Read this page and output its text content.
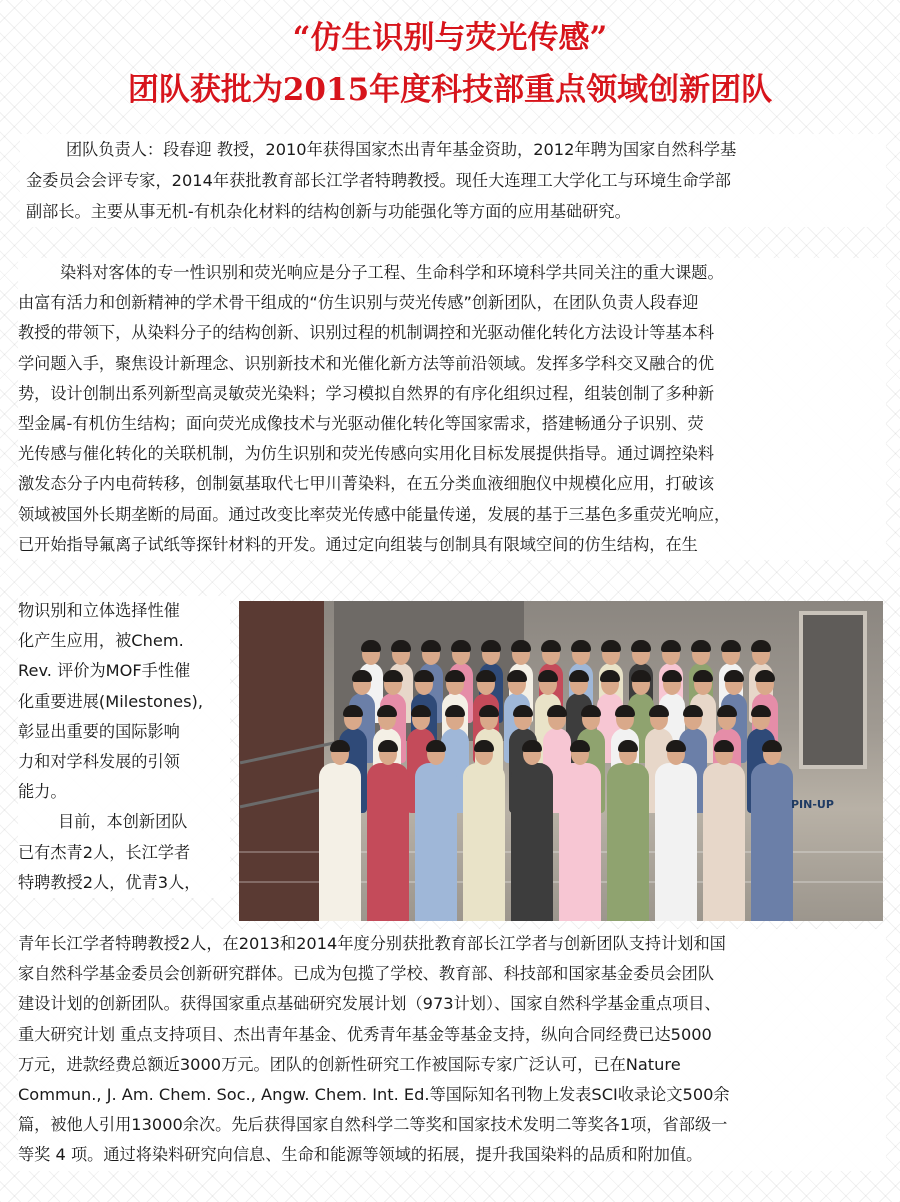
“仿生识别与荧光传感”
团队获批为2015年度科技部重点领域创新团队
团队负责人：段春迎 教授，2010年获得国家杰出青年基金资助，2012年聘为国家自然科学基
金委员会会评专家，2014年获批教育部长江学者特聘教授。现任大连理工大学化工与环境生命学部
副部长。主要从事无机-有机杂化材料的结构创新与功能强化等方面的应用基础研究。
染料对客体的专一性识别和荧光响应是分子工程、生命科学和环境科学共同关注的重大课题。
由富有活力和创新精神的学术骨干组成的“仿生识别与荧光传感”创新团队，在团队负责人段春迎
教授的带领下，从染料分子的结构创新、识别过程的机制调控和光驱动催化转化方法设计等基本科
学问题入手，聚焦设计新理念、识别新技术和光催化新方法等前沿领域。发挥多学科交叉融合的优
势，设计创制出系列新型高灵敏荧光染料；学习模拟自然界的有序化组织过程，组装创制了多种新
型金属-有机仿生结构；面向荧光成像技术与光驱动催化转化等国家需求，搭建畅通分子识别、荧
光传感与催化转化的关联机制，为仿生识别和荧光传感向实用化目标发展提供指导。通过调控染料
激发态分子内电荷转移，创制氨基取代七甲川菁染料，在五分类血液细胞仪中规模化应用，打破该
领域被国外长期垄断的局面。通过改变比率荧光传感中能量传递，发展的基于三基色多重荧光响应，
已开始指导氟离子试纸等探针材料的开发。通过定向组装与创制具有限域空间的仿生结构，在生
物识别和立体选择性催
化产生应用，被Chem.
Rev. 评价为MOF手性催
化重要进展(Milestones),
彰显出重要的国际影响
力和对学科发展的引领
能力。
目前，本创新团队
已有杰青2人，长江学者
特聘教授2人，优青3人，
PIN-UP
青年长江学者特聘教授2人，在2013和2014年度分别获批教育部长江学者与创新团队支持计划和国
家自然科学基金委员会创新研究群体。已成为包揽了学校、教育部、科技部和国家基金委员会团队
建设计划的创新团队。获得国家重点基础研究发展计划（973计划）、国家自然科学基金重点项目、
重大研究计划 重点支持项目、杰出青年基金、优秀青年基金等基金支持，纵向合同经费已达5000
万元，进款经费总额近3000万元。团队的创新性研究工作被国际专家广泛认可，已在Nature
Commun., J. Am. Chem. Soc., Angw. Chem. Int. Ed.等国际知名刊物上发表SCI收录论文500余
篇，被他人引用13000余次。先后获得国家自然科学二等奖和国家技术发明二等奖各1项，省部级一
等奖 4 项。通过将染料研究向信息、生命和能源等领域的拓展，提升我国染料的品质和附加值。
